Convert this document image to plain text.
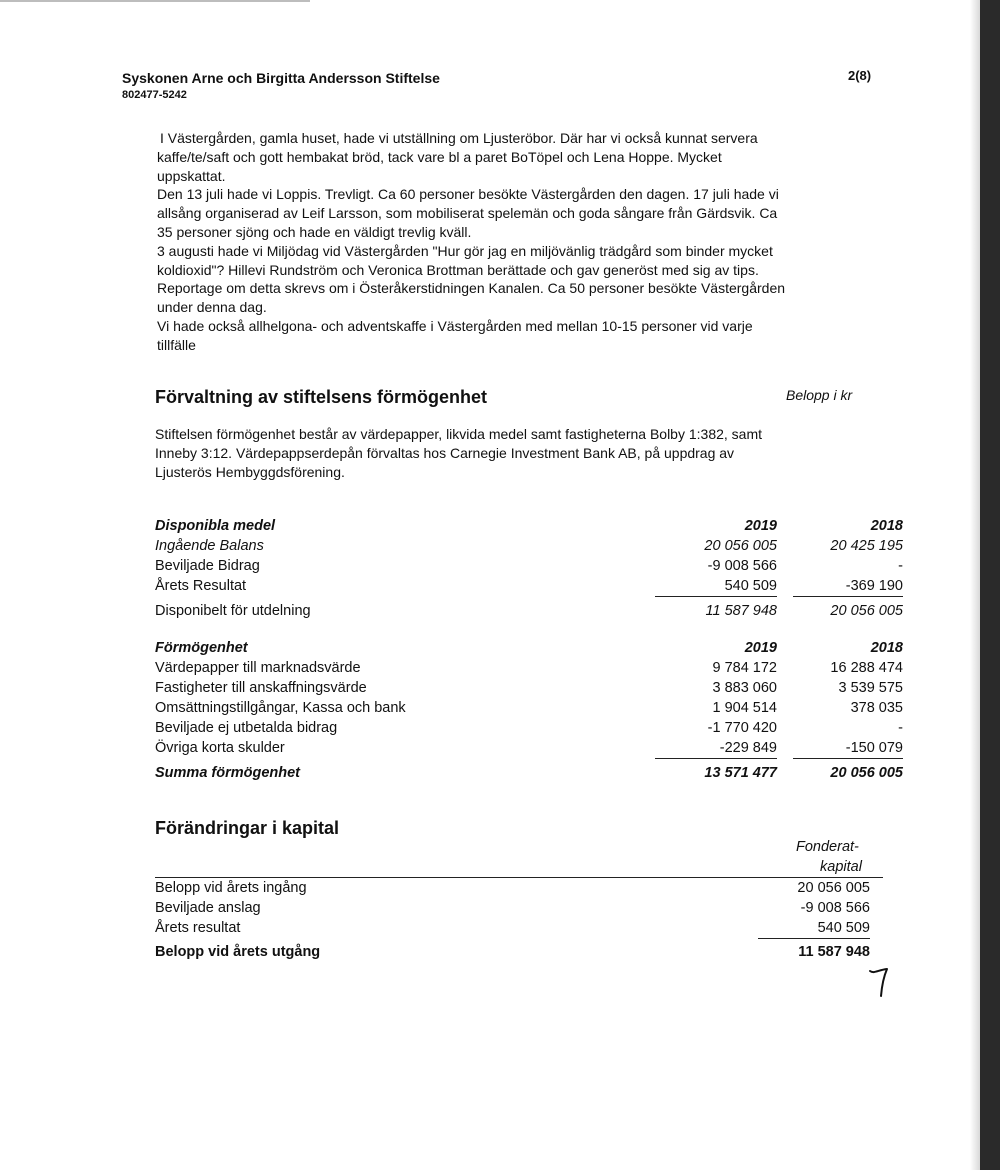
Syskonen Arne och Birgitta Andersson Stiftelse
802477-5242
2(8)
I Västergården, gamla huset, hade vi utställning om Ljusteröbor. Där har vi också kunnat servera
kaffe/te/saft och gott hembakat bröd, tack vare bl a paret BoTöpel och Lena Hoppe. Mycket
uppskattat.
Den 13 juli hade vi Loppis. Trevligt. Ca 60 personer besökte Västergården den dagen. 17 juli hade vi
allsång organiserad av Leif Larsson, som mobiliserat spelemän och goda sångare från Gärdsvik. Ca
35 personer sjöng och hade en väldigt trevlig kväll.
3 augusti hade vi Miljödag vid Västergården "Hur gör jag en miljövänlig trädgård som binder mycket
koldioxid"? Hillevi Rundström och Veronica Brottman berättade och gav generöst med sig av tips.
Reportage om detta skrevs om i Österåkerstidningen Kanalen. Ca 50 personer besökte Västergården
under denna dag.
Vi hade också allhelgona- och adventskaffe i Västergården med mellan 10-15 personer vid varje
tillfälle
Förvaltning av stiftelsens förmögenhet	Belopp i kr
Stiftelsen förmögenhet består av värdepapper, likvida medel samt fastigheterna Bolby 1:382, samt
Inneby 3:12. Värdepappserdepån förvaltas hos Carnegie Investment Bank AB, på uppdrag av
Ljusterös Hembyggdsförening.
Disponibla medel	2019		2018
Ingående Balans	20 056 005		20 425 195
Beviljade Bidrag	-9 008 566		-
Årets Resultat	540 509		-369 190
Disponibelt för utdelning	11 587 948		20 056 005
Förmögenhet	2019		2018
Värdepapper till marknadsvärde	9 784 172		16 288 474
Fastigheter till anskaffningsvärde	3 883 060		3 539 575
Omsättningstillgångar, Kassa och bank	1 904 514		378 035
Beviljade ej utbetalda bidrag	-1 770 420		-
Övriga korta skulder	-229 849		-150 079
Summa förmögenhet	13 571 477		20 056 005
Förändringar i kapital
Fonderat-
kapital
Belopp vid årets ingång	20 056 005
Beviljade anslag	-9 008 566
Årets resultat	540 509
Belopp vid årets utgång	11 587 948
